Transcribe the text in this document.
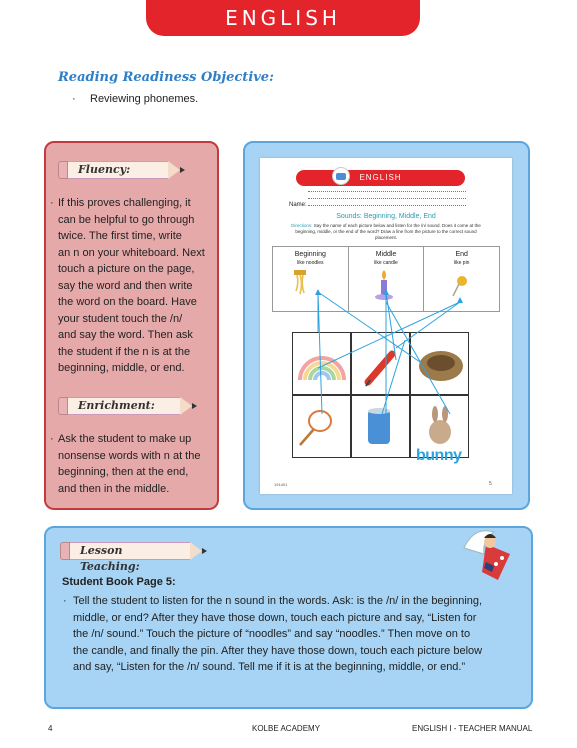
ENGLISH
Reading Readiness Objective:
· Reviewing phonemes.
Fluency:
· If this proves challenging, it
can be helpful to go through
twice. The first time, write
an n on your whiteboard. Next
touch a picture on the page,
say the word and then write
the word on the board. Have
your student touch the /n/
and say the word. Then ask
the student if the n is at the
beginning, middle, or end.
Enrichment:
· Ask the student to make up
nonsense words with n at the
beginning, then at the end,
and then in the middle.
ENGLISH
Name:
Sounds: Beginning, Middle, End
Directions: Say the name of each picture below and listen for the /n/ sound. Does it come at the beginning, middle, or the end of the word? Draw a line from the picture to the correct sound placement.
Beginning
like noodles
Middle
like candle
End
like pin
bunny
191401	5
Lesson Teaching:
Student Book Page 5:
· Tell the student to listen for the n sound in the words. Ask: is the /n/ in the beginning,
middle, or end? After they have those down, touch each picture and say, “Listen for
the /n/ sound.” Touch the picture of “noodles” and say “noodles.” Then move on to
the candle, and finally the pin. After they have those down, touch each picture below
and say, “Listen for the /n/ sound. Tell me if it is at the beginning, middle, or end.”
4	KOLBE ACADEMY	ENGLISH I - TEACHER MANUAL
